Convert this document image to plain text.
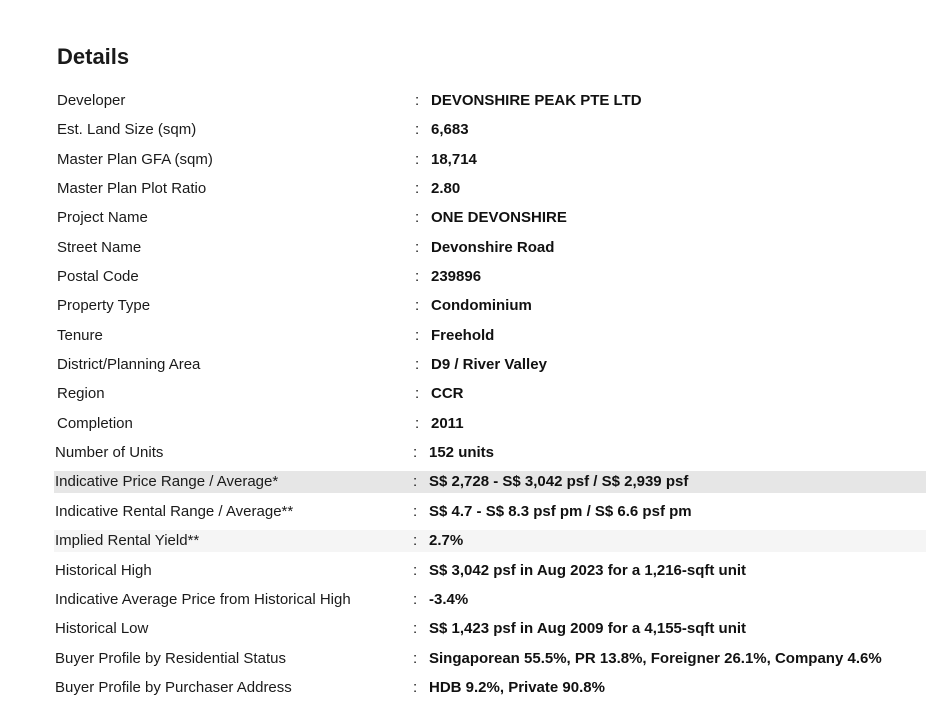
Details
Developer	: DEVONSHIRE PEAK PTE LTD
Est. Land Size (sqm)	: 6,683
Master Plan GFA (sqm)	: 18,714
Master Plan Plot Ratio	: 2.80
Project Name	: ONE DEVONSHIRE
Street Name	: Devonshire Road
Postal Code	: 239896
Property Type	: Condominium
Tenure	: Freehold
District/Planning Area	: D9 / River Valley
Region	: CCR
Completion	: 2011
Number of Units	: 152 units
Indicative Price Range / Average*	: S$ 2,728 - S$ 3,042 psf / S$ 2,939 psf
Indicative Rental Range / Average**	: S$ 4.7 - S$ 8.3 psf pm / S$ 6.6 psf pm
Implied Rental Yield**	: 2.7%
Historical High	: S$ 3,042 psf in Aug 2023 for a 1,216-sqft unit
Indicative Average Price from Historical High	: -3.4%
Historical Low	: S$ 1,423 psf in Aug 2009 for a 4,155-sqft unit
Buyer Profile by Residential Status	: Singaporean 55.5%, PR 13.8%, Foreigner 26.1%, Company 4.6%
Buyer Profile by Purchaser Address	: HDB 9.2%, Private 90.8%
